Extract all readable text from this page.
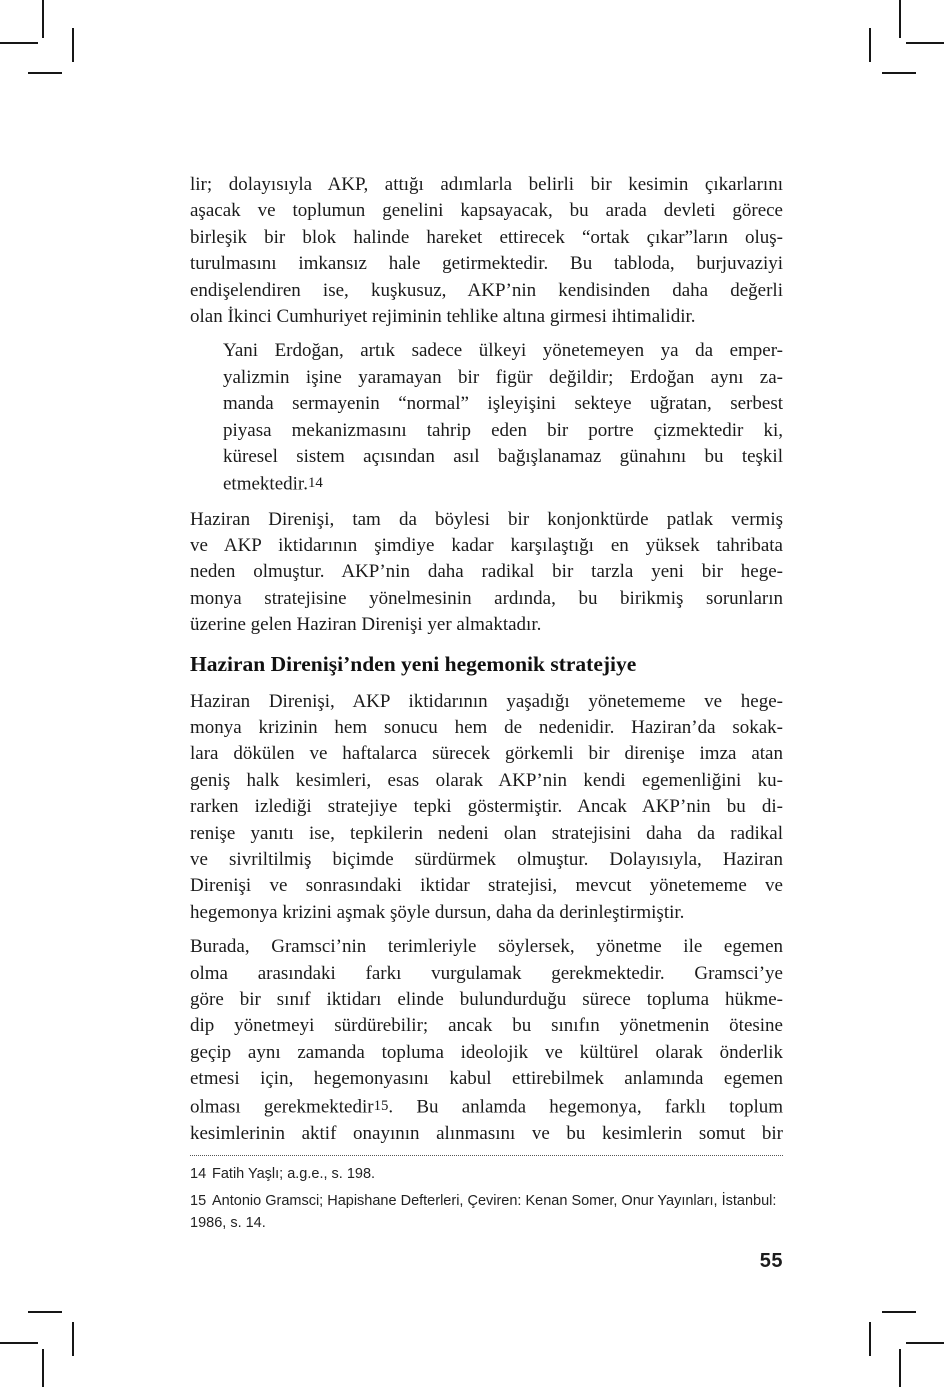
lir; dolayısıyla AKP, attığı adımlarla belirli bir kesimin çıkarlarını
aşacak ve toplumun genelini kapsayacak, bu arada devleti görece
birleşik bir blok halinde hareket ettirecek “ortak çıkar”ların oluş-
turulmasını imkansız hale getirmektedir. Bu tabloda, burjuvaziyi
endişelendiren ise, kuşkusuz, AKP’nin kendisinden daha değerli
olan İkinci Cumhuriyet rejiminin tehlike altına girmesi ihtimalidir.
Yani Erdoğan, artık sadece ülkeyi yönetemeyen ya da emper-
yalizmin işine yaramayan bir figür değildir; Erdoğan aynı za-
manda sermayenin “normal” işleyişini sekteye uğratan, serbest
piyasa mekanizmasını tahrip eden bir portre çizmektedir ki,
küresel sistem açısından asıl bağışlanamaz günahını bu teşkil
etmektedir.14
Haziran Direnişi, tam da böylesi bir konjonktürde patlak vermiş
ve AKP iktidarının şimdiye kadar karşılaştığı en yüksek tahribata
neden olmuştur. AKP’nin daha radikal bir tarzla yeni bir hege-
monya stratejisine yönelmesinin ardında, bu birikmiş sorunların
üzerine gelen Haziran Direnişi yer almaktadır.
Haziran Direnişi’nden yeni hegemonik stratejiye
Haziran Direnişi, AKP iktidarının yaşadığı yönetememe ve hege-
monya krizinin hem sonucu hem de nedenidir. Haziran’da sokak-
lara dökülen ve haftalarca sürecek görkemli bir direnişe imza atan
geniş halk kesimleri, esas olarak AKP’nin kendi egemenliğini ku-
rarken izlediği stratejiye tepki göstermiştir. Ancak AKP’nin bu di-
renişe yanıtı ise, tepkilerin nedeni olan stratejisini daha da radikal
ve sivriltilmiş biçimde sürdürmek olmuştur. Dolayısıyla, Haziran
Direnişi ve sonrasındaki iktidar stratejisi, mevcut yönetememe ve
hegemonya krizini aşmak şöyle dursun, daha da derinleştirmiştir.
Burada, Gramsci’nin terimleriyle söylersek, yönetme ile egemen
olma arasındaki farkı vurgulamak gerekmektedir. Gramsci’ye
göre bir sınıf iktidarı elinde bulundurduğu sürece topluma hükme-
dip yönetmeyi sürdürebilir; ancak bu sınıfın yönetmenin ötesine
geçip aynı zamanda topluma ideolojik ve kültürel olarak önderlik
etmesi için, hegemonyasını kabul ettirebilmek anlamında egemen
olması gerekmektedir15. Bu anlamda hegemonya, farklı toplum
kesimlerinin aktif onayının alınmasını ve bu kesimlerin somut bir
14 Fatih Yaşlı; a.g.e., s. 198.
15 Antonio Gramsci; Hapishane Defterleri, Çeviren: Kenan Somer, Onur Yayınları, İstanbul:
1986, s. 14.
55
